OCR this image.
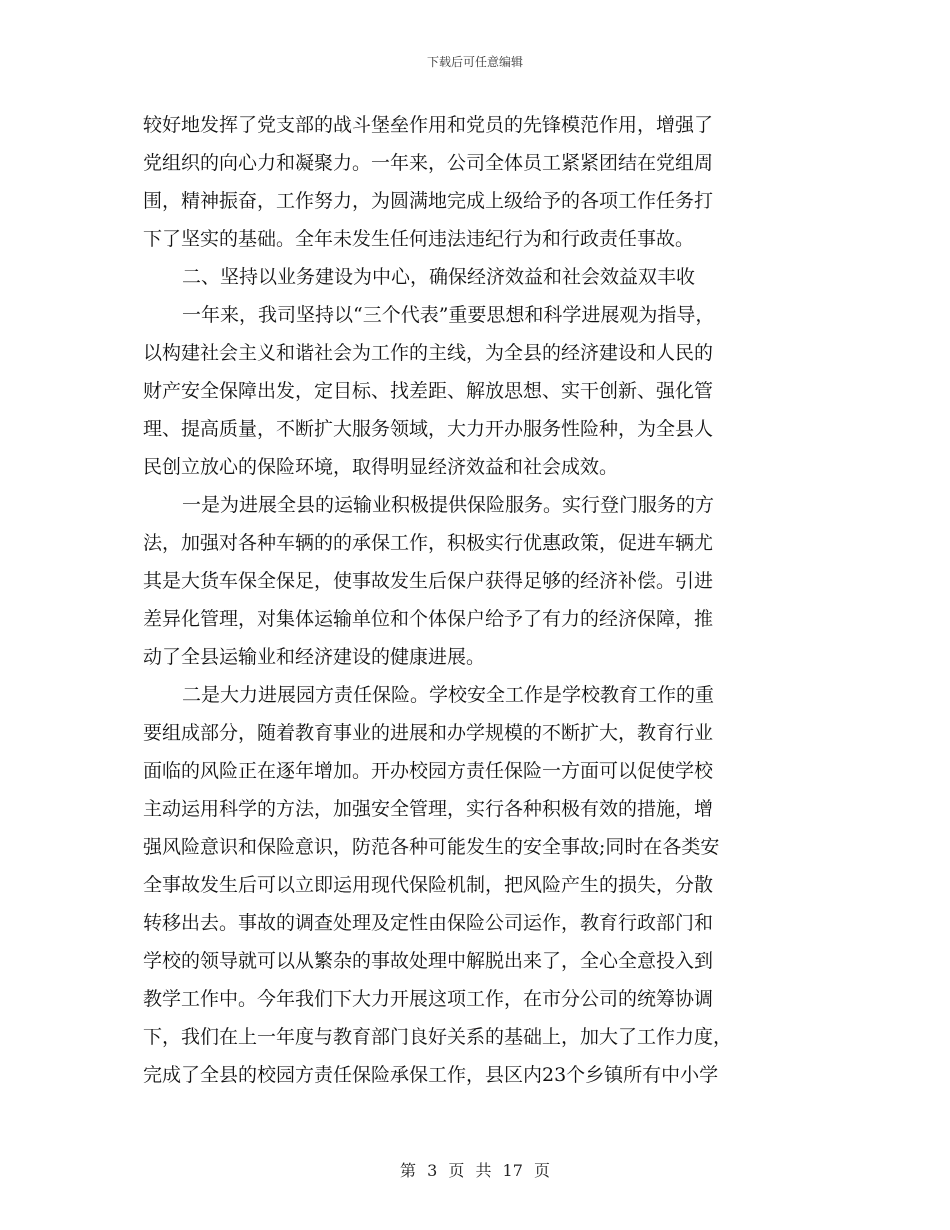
下载后可任意编辑
较好地发挥了党支部的战斗堡垒作用和党员的先锋模范作用，增强了
党组织的向心力和凝聚力。一年来，公司全体员工紧紧团结在党组周
围，精神振奋，工作努力，为圆满地完成上级给予的各项工作任务打
下了坚实的基础。全年未发生任何违法违纪行为和行政责任事故。
二、坚持以业务建设为中心，确保经济效益和社会效益双丰收
一年来，我司坚持以“三个代表”重要思想和科学进展观为指导，
以构建社会主义和谐社会为工作的主线，为全县的经济建设和人民的
财产安全保障出发，定目标、找差距、解放思想、实干创新、强化管
理、提高质量，不断扩大服务领域，大力开办服务性险种，为全县人
民创立放心的保险环境，取得明显经济效益和社会成效。
一是为进展全县的运输业积极提供保险服务。实行登门服务的方
法，加强对各种车辆的的承保工作，积极实行优惠政策，促进车辆尤
其是大货车保全保足，使事故发生后保户获得足够的经济补偿。引进
差异化管理，对集体运输单位和个体保户给予了有力的经济保障，推
动了全县运输业和经济建设的健康进展。
二是大力进展园方责任保险。学校安全工作是学校教育工作的重
要组成部分，随着教育事业的进展和办学规模的不断扩大，教育行业
面临的风险正在逐年增加。开办校园方责任保险一方面可以促使学校
主动运用科学的方法，加强安全管理，实行各种积极有效的措施，增
强风险意识和保险意识，防范各种可能发生的安全事故;同时在各类安
全事故发生后可以立即运用现代保险机制，把风险产生的损失，分散
转移出去。事故的调查处理及定性由保险公司运作，教育行政部门和
学校的领导就可以从繁杂的事故处理中解脱出来了，全心全意投入到
教学工作中。今年我们下大力开展这项工作，在市分公司的统筹协调
下，我们在上一年度与教育部门良好关系的基础上，加大了工作力度，
完成了全县的校园方责任保险承保工作，县区内23个乡镇所有中小学
第 3 页 共 17 页
